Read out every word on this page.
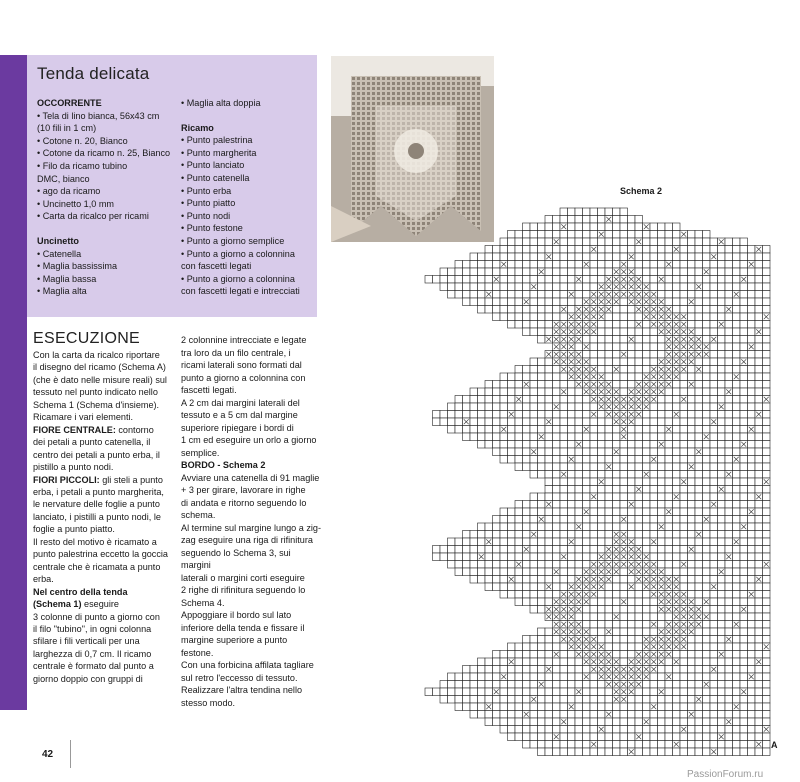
Tenda delicata

OCCORRENTE

• Tela di lino bianca, 56x43 cm

(10 fili in 1 cm)

• Cotone n. 20, Bianco

• Cotone da ricamo n. 25, Bianco

• Filo da ricamo tubino

DMC, bianco

• ago da ricamo

• Uncinetto 1,0 mm

• Carta da ricalco per ricami

Uncinetto

• Catenella

• Maglia bassissima

• Maglia bassa

• Maglia alta

• Maglia alta doppia

Ricamo

• Punto palestrina

• Punto margherita

• Punto lanciato

• Punto catenella

• Punto erba

• Punto piatto

• Punto nodi

• Punto festone

• Punto a giorno semplice

• Punto a giorno a colonnina

con fascetti legati

• Punto a giorno a colonnina

con fascetti legati e intrecciati

ESECUZIONE

Con la carta da ricalco riportare

il disegno del ricamo (Schema A)

(che è dato nelle misure reali) sul

tessuto nel punto indicato nello

Schema 1 (Schema d'insieme).

Ricamare i vari elementi.

FIORE CENTRALE: contorno

dei petali a punto catenella, il

centro dei petali a punto erba, il

pistillo a punto nodi.

FIORI PICCOLI: gli steli a punto

erba, i petali a punto margherita,

le nervature delle foglie a punto

lanciato, i pistilli a punto nodi, le

foglie a punto piatto.

Il resto del motivo è ricamato a

punto palestrina eccetto la goccia

centrale che è ricamata a punto

erba.

Nel centro della tenda

(Schema 1) eseguire

3 colonne di punto a giorno con

il filo "tubino", in ogni colonna

sfilare i fili verticali per una

larghezza di 0,7 cm. Il ricamo

centrale è formato dal punto a

giorno doppio con gruppi di

2 colonnine intrecciate e legate

tra loro da un filo centrale, i

ricami laterali sono formati dal

punto a giorno a colonnina con

fascetti legati.

A 2 cm dai margini laterali del

tessuto e a 5 cm dal margine

superiore ripiegare i bordi di

1 cm ed eseguire un orlo a giorno

semplice.

BORDO - Schema 2

Avviare una catenella di 91 maglie

+ 3 per girare, lavorare in righe

di andata e ritorno seguendo lo

schema.

Al termine sul margine lungo a zig-

zag eseguire una riga di rifinitura

seguendo lo Schema 3, sui margini

laterali o margini corti eseguire

2 righe di rifinitura seguendo lo

Schema 4.

Appoggiare il bordo sul lato

inferiore della tenda e fissare il

margine superiore a punto festone.

Con una forbicina affilata tagliare

sul retro l'eccesso di tessuto.

Realizzare l'altra tendina nello

stesso modo.

Schema 2
A
42
PassionForum.ru
